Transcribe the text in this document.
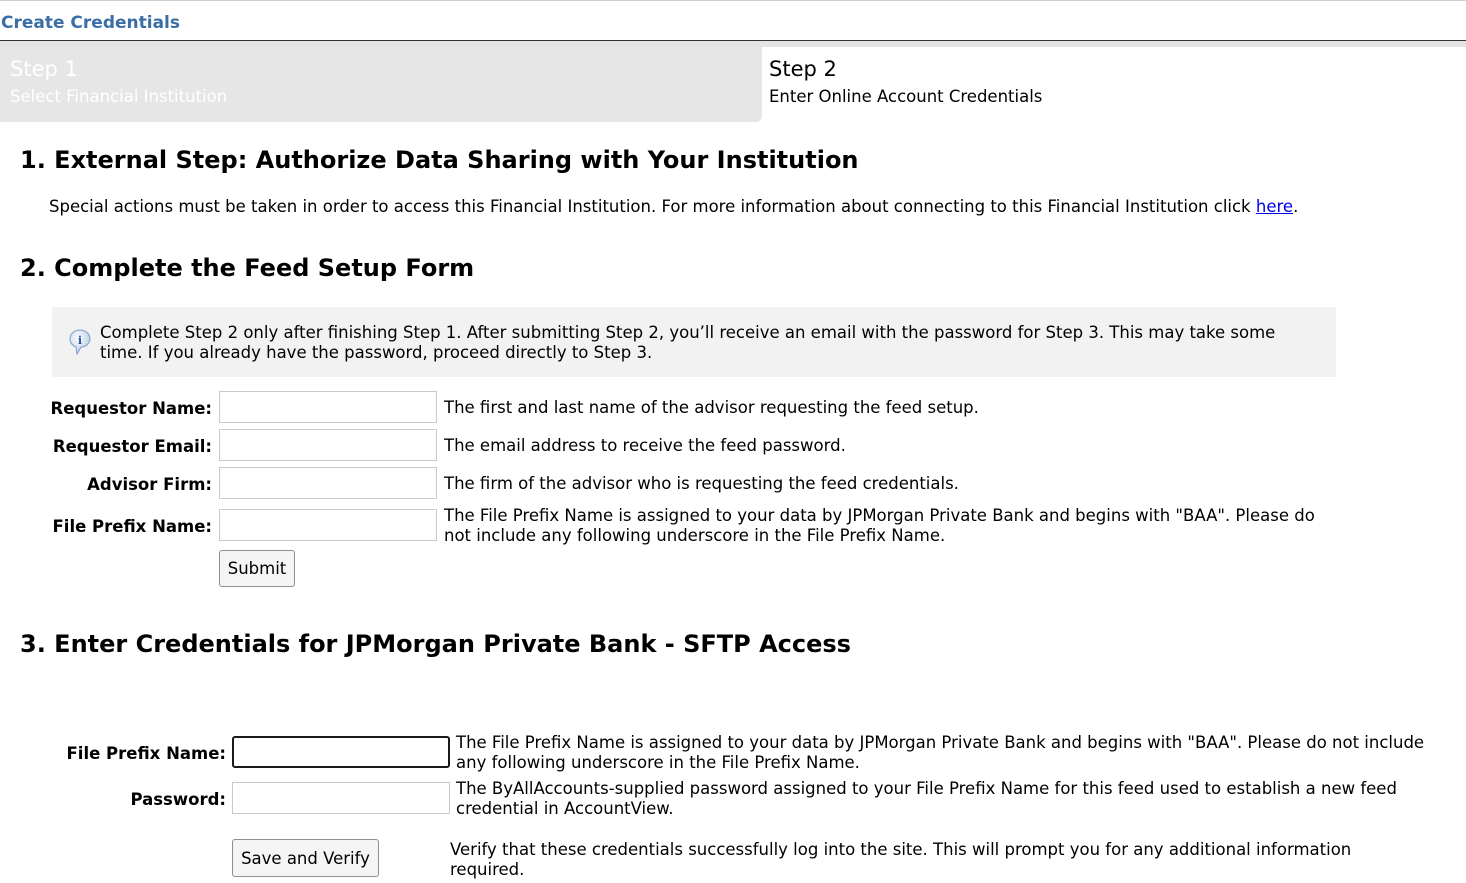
Create Credentials
Step 1
Select Financial Institution
Step 2
Enter Online Account Credentials
1. External Step: Authorize Data Sharing with Your Institution
Special actions must be taken in order to access this Financial Institution. For more information about connecting to this Financial Institution click here.
2. Complete the Feed Setup Form
i Complete Step 2 only after finishing Step 1. After submitting Step 2, you’ll receive an email with the password for Step 3. This may take some time. If you already have the password, proceed directly to Step 3.
Requestor Name:	The first and last name of the advisor requesting the feed setup.
Requestor Email:	The email address to receive the feed password.
Advisor Firm:	The firm of the advisor who is requesting the feed credentials.
File Prefix Name:
The File Prefix Name is assigned to your data by JPMorgan Private Bank and begins with "BAA". Please do not include any following underscore in the File Prefix Name.
Submit
3. Enter Credentials for JPMorgan Private Bank - SFTP Access
File Prefix Name:
The File Prefix Name is assigned to your data by JPMorgan Private Bank and begins with "BAA". Please do not include any following underscore in the File Prefix Name.
Password:
The ByAllAccounts-supplied password assigned to your File Prefix Name for this feed used to establish a new feed credential in AccountView.
Save and Verify	Verify that these credentials successfully log into the site. This will prompt you for any additional information required.
